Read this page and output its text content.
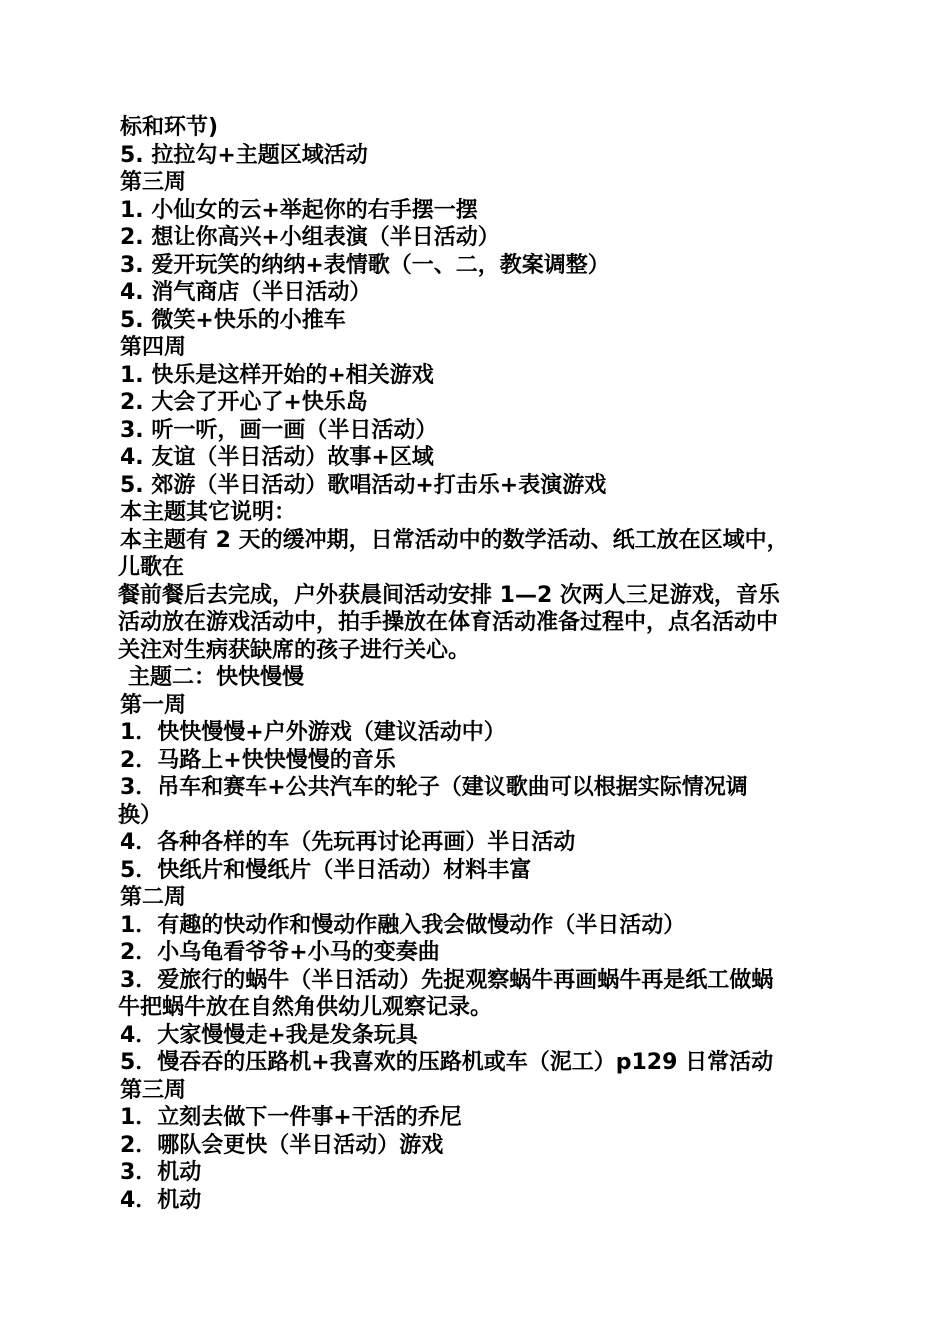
标和环节)
5. 拉拉勾+主题区域活动
第三周
1. 小仙女的云+举起你的右手摆一摆
2. 想让你高兴+小组表演（半日活动）
3. 爱开玩笑的纳纳+表情歌（一、二，教案调整）
4. 消气商店（半日活动）
5. 微笑+快乐的小推车
第四周
1. 快乐是这样开始的+相关游戏
2. 大会了开心了+快乐岛
3. 听一听，画一画（半日活动）
4. 友谊（半日活动）故事+区域
5. 郊游（半日活动）歌唱活动+打击乐+表演游戏
本主题其它说明：
本主题有 2 天的缓冲期，日常活动中的数学活动、纸工放在区域中，
儿歌在
餐前餐后去完成，户外获晨间活动安排 1—2 次两人三足游戏，音乐
活动放在游戏活动中，拍手操放在体育活动准备过程中，点名活动中
关注对生病获缺席的孩子进行关心。
主题二：快快慢慢
第一周
1．快快慢慢+户外游戏（建议活动中）
2．马路上+快快慢慢的音乐
3．吊车和赛车+公共汽车的轮子（建议歌曲可以根据实际情况调
换）
4．各种各样的车（先玩再讨论再画）半日活动
5．快纸片和慢纸片（半日活动）材料丰富
第二周
1．有趣的快动作和慢动作融入我会做慢动作（半日活动）
2．小乌龟看爷爷+小马的变奏曲
3．爱旅行的蜗牛（半日活动）先捉观察蜗牛再画蜗牛再是纸工做蜗
牛把蜗牛放在自然角供幼儿观察记录。
4．大家慢慢走+我是发条玩具
5．慢吞吞的压路机+我喜欢的压路机或车（泥工）p129 日常活动
第三周
1．立刻去做下一件事+干活的乔尼
2．哪队会更快（半日活动）游戏
3．机动
4．机动
